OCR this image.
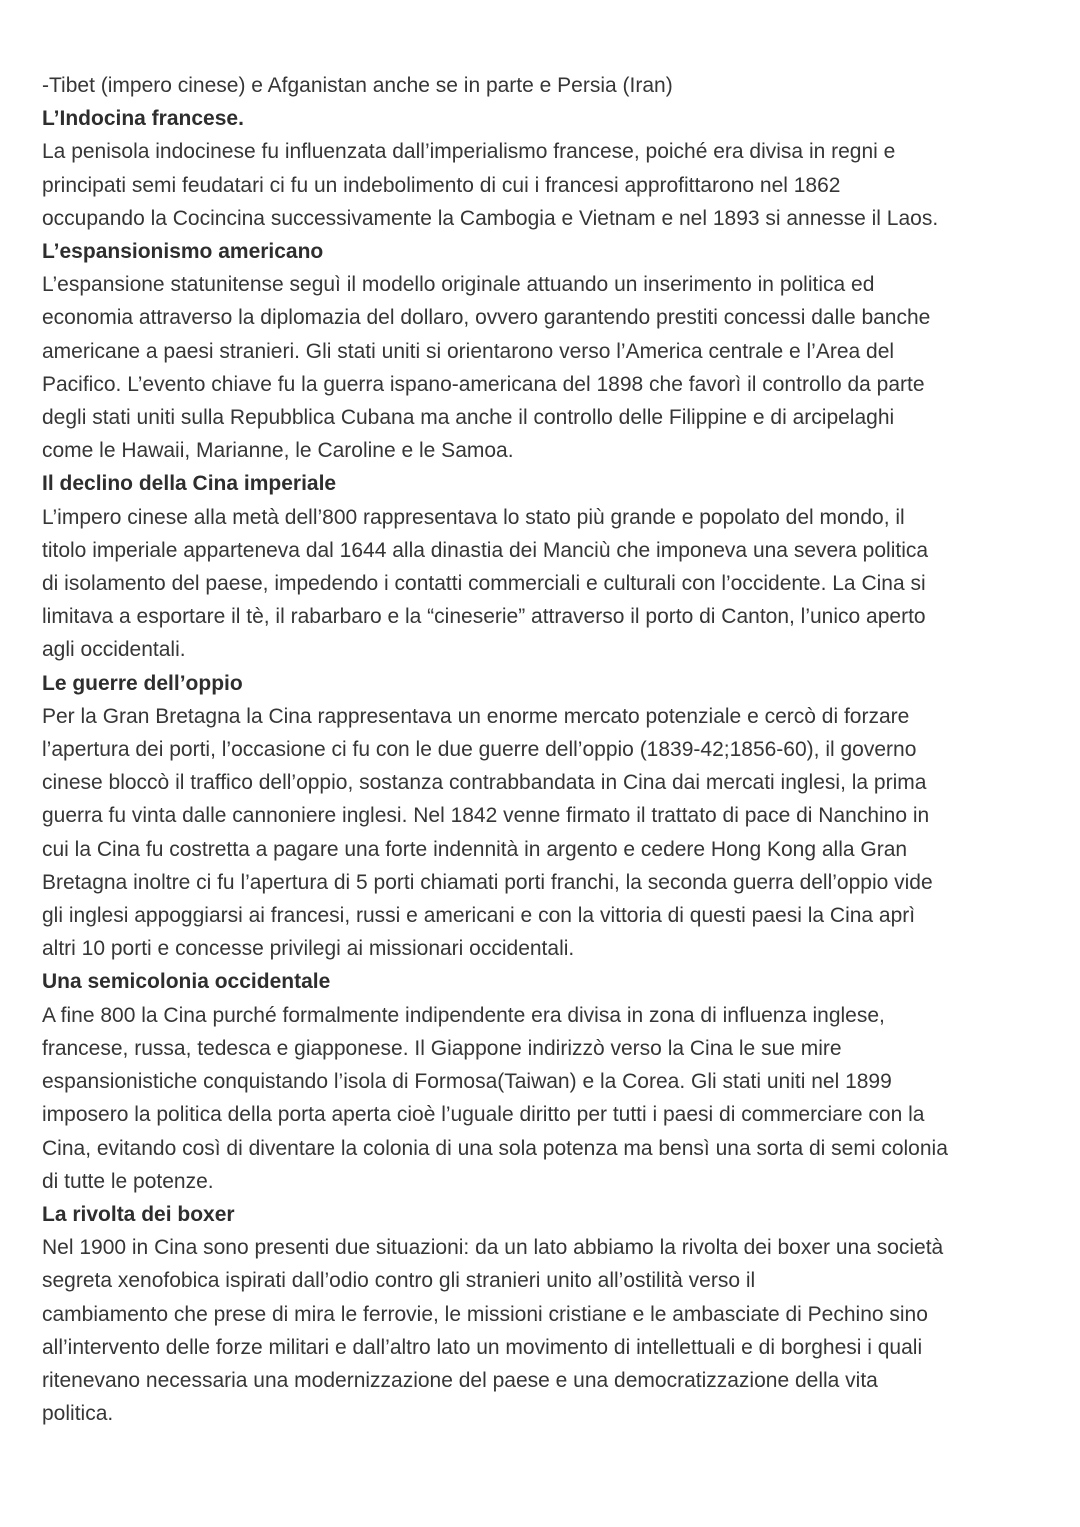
-Tibet (impero cinese) e Afganistan anche se in parte e Persia (Iran)

L’Indocina francese.

La penisola indocinese fu influenzata dall’imperialismo francese, poiché era divisa in regni e

principati semi feudatari ci fu un indebolimento di cui i francesi approfittarono nel 1862

occupando la Cocincina successivamente la Cambogia e Vietnam e nel 1893 si annesse il Laos.

L’espansionismo americano

L’espansione statunitense seguì il modello originale attuando un inserimento in politica ed

economia attraverso la diplomazia del dollaro, ovvero garantendo prestiti concessi dalle banche

americane a paesi stranieri. Gli stati uniti si orientarono verso l’America centrale e l’Area del

Pacifico. L’evento chiave fu la guerra ispano-americana del 1898 che favorì il controllo da parte

degli stati uniti sulla Repubblica Cubana ma anche il controllo delle Filippine e di arcipelaghi

come le Hawaii, Marianne, le Caroline e le Samoa.

Il declino della Cina imperiale

L’impero cinese alla metà dell’800 rappresentava lo stato più grande e popolato del mondo, il

titolo imperiale apparteneva dal 1644 alla dinastia dei Manciù che imponeva una severa politica

di isolamento del paese, impedendo i contatti commerciali e culturali con l’occidente. La Cina si

limitava a esportare il tè, il rabarbaro e la “cineserie” attraverso il porto di Canton, l’unico aperto

agli occidentali.

Le guerre dell’oppio

Per la Gran Bretagna la Cina rappresentava un enorme mercato potenziale e cercò di forzare

l’apertura dei porti, l’occasione ci fu con le due guerre dell’oppio (1839-42;1856-60), il governo

cinese bloccò il traffico dell’oppio, sostanza contrabbandata in Cina dai mercati inglesi, la prima

guerra fu vinta dalle cannoniere inglesi. Nel 1842 venne firmato il trattato di pace di Nanchino in

cui la Cina fu costretta a pagare una forte indennità in argento e cedere Hong Kong alla Gran

Bretagna inoltre ci fu l’apertura di 5 porti chiamati porti franchi, la seconda guerra dell’oppio vide

gli inglesi appoggiarsi ai francesi, russi e americani e con la vittoria di questi paesi la Cina aprì

altri 10 porti e concesse privilegi ai missionari occidentali.

Una semicolonia occidentale

A fine 800 la Cina purché formalmente indipendente era divisa in zona di influenza inglese,

francese, russa, tedesca e giapponese. Il Giappone indirizzò verso la Cina le sue mire

espansionistiche conquistando l’isola di Formosa(Taiwan) e la Corea. Gli stati uniti nel 1899

imposero la politica della porta aperta cioè l’uguale diritto per tutti i paesi di commerciare con la

Cina, evitando così di diventare la colonia di una sola potenza ma bensì una sorta di semi colonia

di tutte le potenze.

La rivolta dei boxer

Nel 1900 in Cina sono presenti due situazioni: da un lato abbiamo la rivolta dei boxer una società

segreta xenofobica ispirati dall’odio contro gli stranieri unito all’ostilità verso il

cambiamento che prese di mira le ferrovie, le missioni cristiane e le ambasciate di Pechino sino

all’intervento delle forze militari e dall’altro lato un movimento di intellettuali e di borghesi i quali

ritenevano necessaria una modernizzazione del paese e una democratizzazione della vita

politica.
